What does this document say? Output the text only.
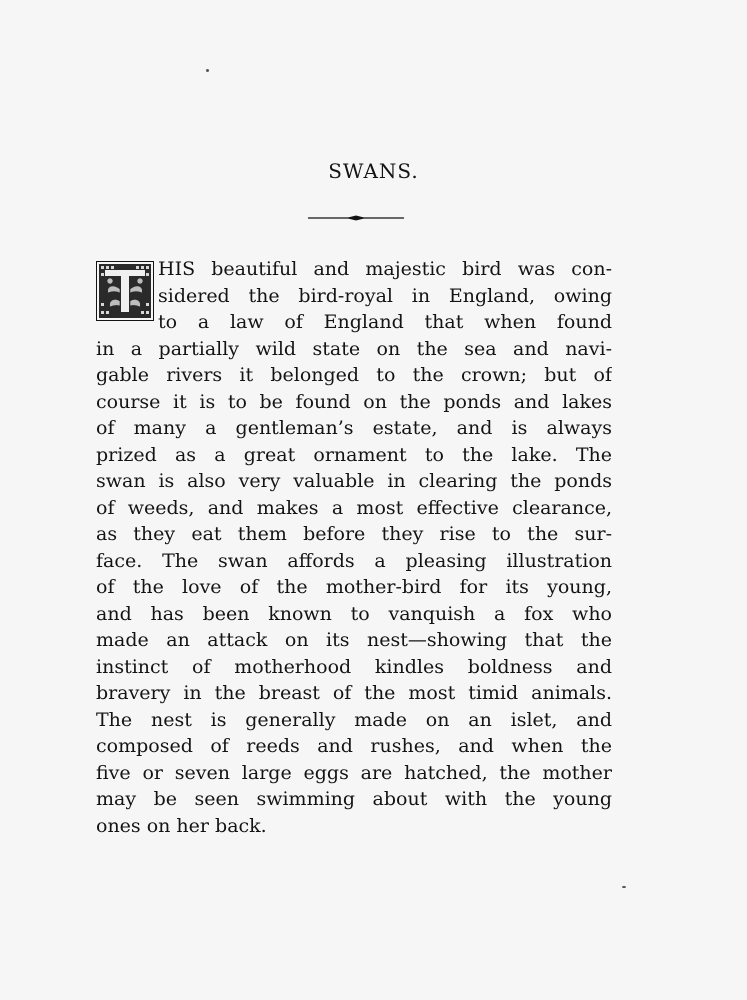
SWANS.
HIS beautiful and majestic bird was con-
sidered the bird-royal in England, owing
to a law of England that when found
in a partially wild state on the sea and navi-
gable rivers it belonged to the crown; but of
course it is to be found on the ponds and lakes
of many a gentleman’s estate, and is always
prized as a great ornament to the lake. The
swan is also very valuable in clearing the ponds
of weeds, and makes a most effective clearance,
as they eat them before they rise to the sur-
face. The swan affords a pleasing illustration
of the love of the mother-bird for its young,
and has been known to vanquish a fox who
made an attack on its nest—showing that the
instinct of motherhood kindles boldness and
bravery in the breast of the most timid animals.
The nest is generally made on an islet, and
composed of reeds and rushes, and when the
five or seven large eggs are hatched, the mother
may be seen swimming about with the young
ones on her back.
